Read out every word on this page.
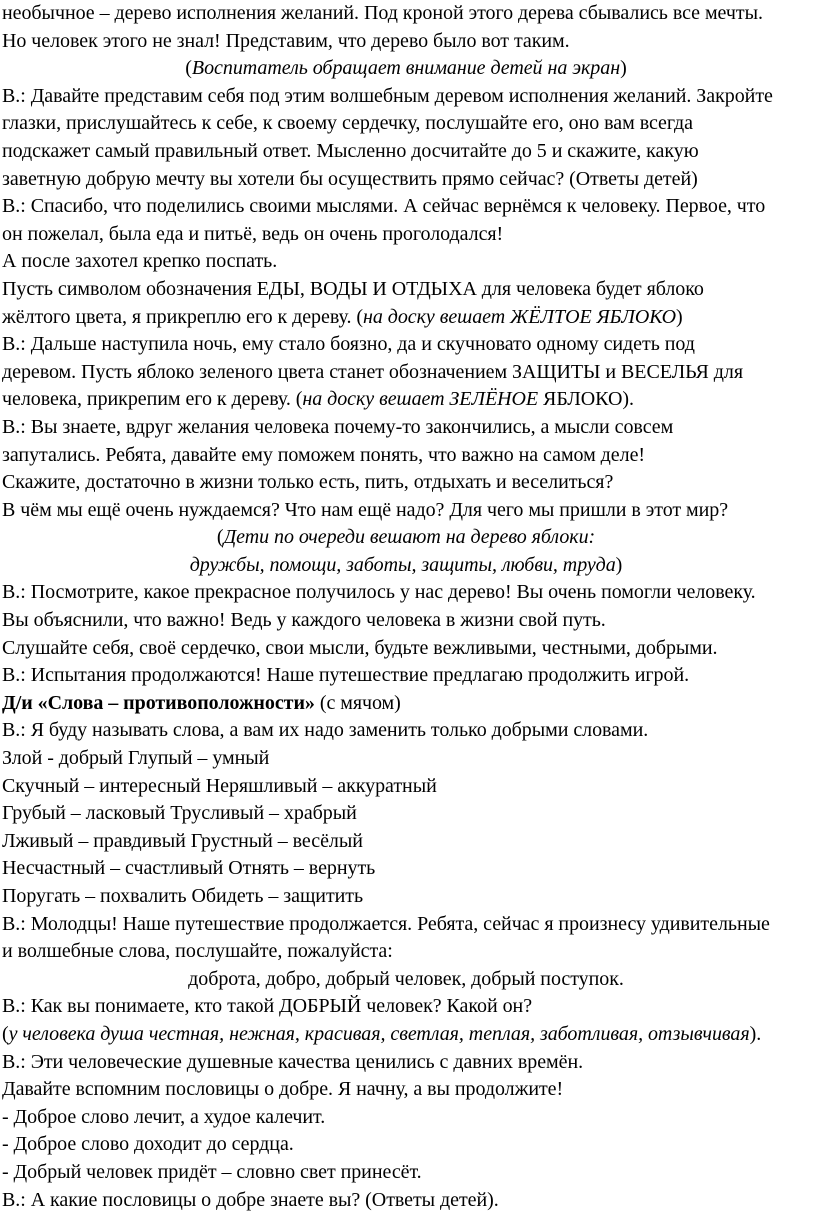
необычное – дерево исполнения желаний. Под кроной этого дерева сбывались все мечты.
Но человек этого не знал! Представим, что дерево было вот таким.
(Воспитатель обращает внимание детей на экран)
В.: Давайте представим себя под этим волшебным деревом исполнения желаний. Закройте
глазки, прислушайтесь к себе, к своему сердечку, послушайте его, оно вам всегда
подскажет самый правильный ответ. Мысленно досчитайте до 5 и скажите, какую
заветную добрую мечту вы хотели бы осуществить прямо сейчас? (Ответы детей)
В.: Спасибо, что поделились своими мыслями. А сейчас вернёмся к человеку. Первое, что
он пожелал, была еда и питьё, ведь он очень проголодался!
А после захотел крепко поспать.
Пусть символом обозначения ЕДЫ, ВОДЫ И ОТДЫХА для человека будет яблоко
жёлтого цвета, я прикреплю его к дереву. (на доску вешает ЖЁЛТОЕ ЯБЛОКО)
В.: Дальше наступила ночь, ему стало боязно, да и скучновато одному сидеть под
деревом. Пусть яблоко зеленого цвета станет обозначением ЗАЩИТЫ и ВЕСЕЛЬЯ для
человека, прикрепим его к дереву. (на доску вешает ЗЕЛЁНОЕ ЯБЛОКО).
В.: Вы знаете, вдруг желания человека почему-то закончились, а мысли совсем
запутались. Ребята, давайте ему поможем понять, что важно на самом деле!
Скажите, достаточно в жизни только есть, пить, отдыхать и веселиться?
В чём мы ещё очень нуждаемся? Что нам ещё надо? Для чего мы пришли в этот мир?
(Дети по очереди вешают на дерево яблоки:
дружбы, помощи, заботы, защиты, любви, труда)
В.: Посмотрите, какое прекрасное получилось у нас дерево! Вы очень помогли человеку.
Вы объяснили, что важно! Ведь у каждого человека в жизни свой путь.
Слушайте себя, своё сердечко, свои мысли, будьте вежливыми, честными, добрыми.
В.: Испытания продолжаются! Наше путешествие предлагаю продолжить игрой.
Д/и «Слова – противоположности» (с мячом)
В.: Я буду называть слова, а вам их надо заменить только добрыми словами.
Злой - добрый Глупый – умный
Скучный – интересный Неряшливый – аккуратный
Грубый – ласковый Трусливый – храбрый
Лживый – правдивый Грустный – весёлый
Несчастный – счастливый Отнять – вернуть
Поругать – похвалить Обидеть – защитить
В.: Молодцы! Наше путешествие продолжается. Ребята, сейчас я произнесу удивительные
и волшебные слова, послушайте, пожалуйста:
доброта, добро, добрый человек, добрый поступок.
В.: Как вы понимаете, кто такой ДОБРЫЙ человек? Какой он?
(у человека душа честная, нежная, красивая, светлая, теплая, заботливая, отзывчивая).
В.: Эти человеческие душевные качества ценились с давних времён.
Давайте вспомним пословицы о добре. Я начну, а вы продолжите!
- Доброе слово лечит, а худое калечит.
- Доброе слово доходит до сердца.
- Добрый человек придёт – словно свет принесёт.
В.: А какие пословицы о добре знаете вы? (Ответы детей).
